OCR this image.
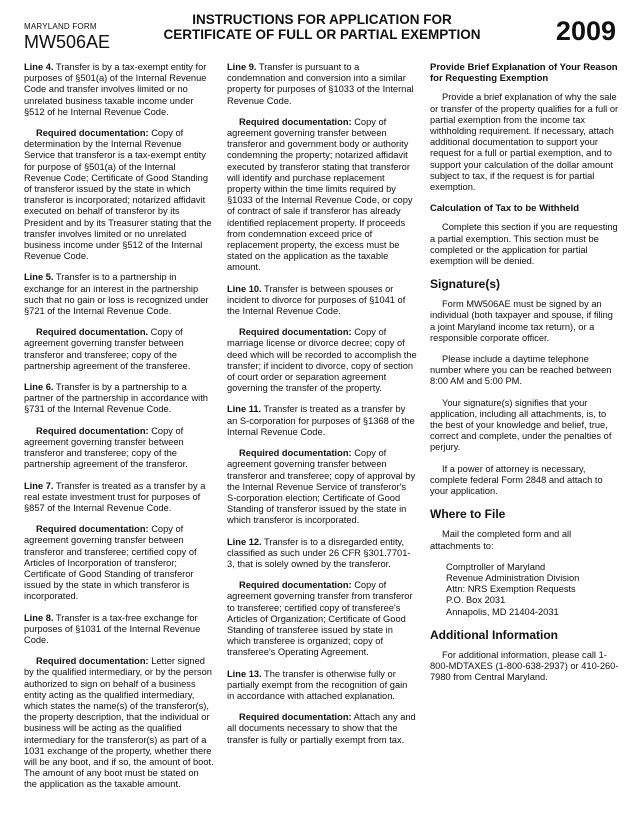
MARYLAND FORM
MW506AE
INSTRUCTIONS FOR APPLICATION FOR
CERTIFICATE OF FULL OR PARTIAL EXEMPTION	2009

Line 4. Transfer is by a tax-exempt entity for purposes of §501(a) of the Internal Revenue Code and transfer involves limited or no unrelated business taxable income under §512 of he Internal Revenue Code.

Required documentation: Copy of determination by the Internal Revenue Service that transferor is a tax-exempt entity for purpose of §501(a) of the Internal Revenue Code; Certificate of Good Standing of transferor issued by the state in which transferor is incorporated; notarized affidavit executed on behalf of transferor by its President and by its Treasurer stating that the transfer involves limited or no unrelated business income under §512 of the Internal Revenue Code.

Line 5. Transfer is to a partnership in exchange for an interest in the partnership such that no gain or loss is recognized under §721 of the Internal Revenue Code.

Required documentation. Copy of agreement governing transfer between transferor and transferee; copy of the partnership agreement of the transferee.

Line 6. Transfer is by a partnership to a partner of the partnership in accordance with §731 of the Internal Revenue Code.

Required documentation: Copy of agreement governing transfer between transferor and transferee; copy of the partnership agreement of the transferor.

Line 7. Transfer is treated as a transfer by a real estate investment trust for purposes of §857 of the Internal Revenue Code.

Required documentation: Copy of agreement governing transfer between transferor and transferee; certified copy of Articles of Incorporation of transferor; Certificate of Good Standing of transferor issued by the state in which transferor is incorporated.

Line 8. Transfer is a tax-free exchange for purposes of §1031 of the Internal Revenue Code.

Required documentation: Letter signed by the qualified intermediary, or by the person authorized to sign on behalf of a business entity acting as the qualified intermediary, which states the name(s) of the transferor(s), the property description, that the individual or business will be acting as the qualified intermediary for the transferor(s) as part of a 1031 exchange of the property, whether there will be any boot, and if so, the amount of boot. The amount of any boot must be stated on the application as the taxable amount.

Line 9. Transfer is pursuant to a condemnation and conversion into a similar property for purposes of §1033 of the Internal Revenue Code.

Required documentation: Copy of agreement governing transfer between transferor and government body or authority condemning the property; notarized affidavit executed by transferor stating that transferor will identify and purchase replacement property within the time limits required by §1033 of the Internal Revenue Code, or copy of contract of sale if transferor has already identified replacement property. If proceeds from condemnation exceed price of replacement property, the excess must be stated on the application as the taxable amount.

Line 10. Transfer is between spouses or incident to divorce for purposes of §1041 of the Internal Revenue Code.

Required documentation: Copy of marriage license or divorce decree; copy of deed which will be recorded to accomplish the transfer; if incident to divorce, copy of section of court order or separation agreement governing the transfer of the property.

Line 11. Transfer is treated as a transfer by an S-corporation for purposes of §1368 of the Internal Revenue Code.

Required documentation: Copy of agreement governing transfer between transferor and transferee; copy of approval by the Internal Revenue Service of transferor's S-corporation election; Certificate of Good Standing of transferor issued by the state in which transferor is incorporated.

Line 12. Transfer is to a disregarded entity, classified as such under 26 CFR §301.7701-3, that is solely owned by the transferor.

Required documentation: Copy of agreement governing transfer from transferor to transferee; certified copy of transferee's Articles of Organization; Certificate of Good Standing of transferee issued by state in which transferee is organized; copy of transferee's Operating Agreement.

Line 13. The transfer is otherwise fully or partially exempt from the recognition of gain in accordance with attached explanation.

Required documentation: Attach any and all documents necessary to show that the transfer is fully or partially exempt from tax.

Provide Brief Explanation of Your Reason for Requesting Exemption

Provide a brief explanation of why the sale or transfer of the property qualifies for a full or partial exemption from the income tax withholding requirement. If necessary, attach additional documentation to support your request for a full or partial exemption, and to support your calculation of the dollar amount subject to tax, if the request is for partial exemption.

Calculation of Tax to be Withheld

Complete this section if you are requesting a partial exemption. This section must be completed or the application for partial exemption will be denied.

Signature(s)

Form MW506AE must be signed by an individual (both taxpayer and spouse, if filing a joint Maryland income tax return), or a responsible corporate officer.

Please include a daytime telephone number where you can be reached between 8:00 AM and 5:00 PM.

Your signature(s) signifies that your application, including all attachments, is, to the best of your knowledge and belief, true, correct and complete, under the penalties of perjury.

If a power of attorney is necessary, complete federal Form 2848 and attach to your application.

Where to File

Mail the completed form and all attachments to:

Comptroller of Maryland
Revenue Administration Division
Attn: NRS Exemption Requests
P.O. Box 2031
Annapolis, MD 21404-2031
Additional Information

For additional information, please call 1-800-MDTAXES (1-800-638-2937) or 410-260-7980 from Central Maryland.
